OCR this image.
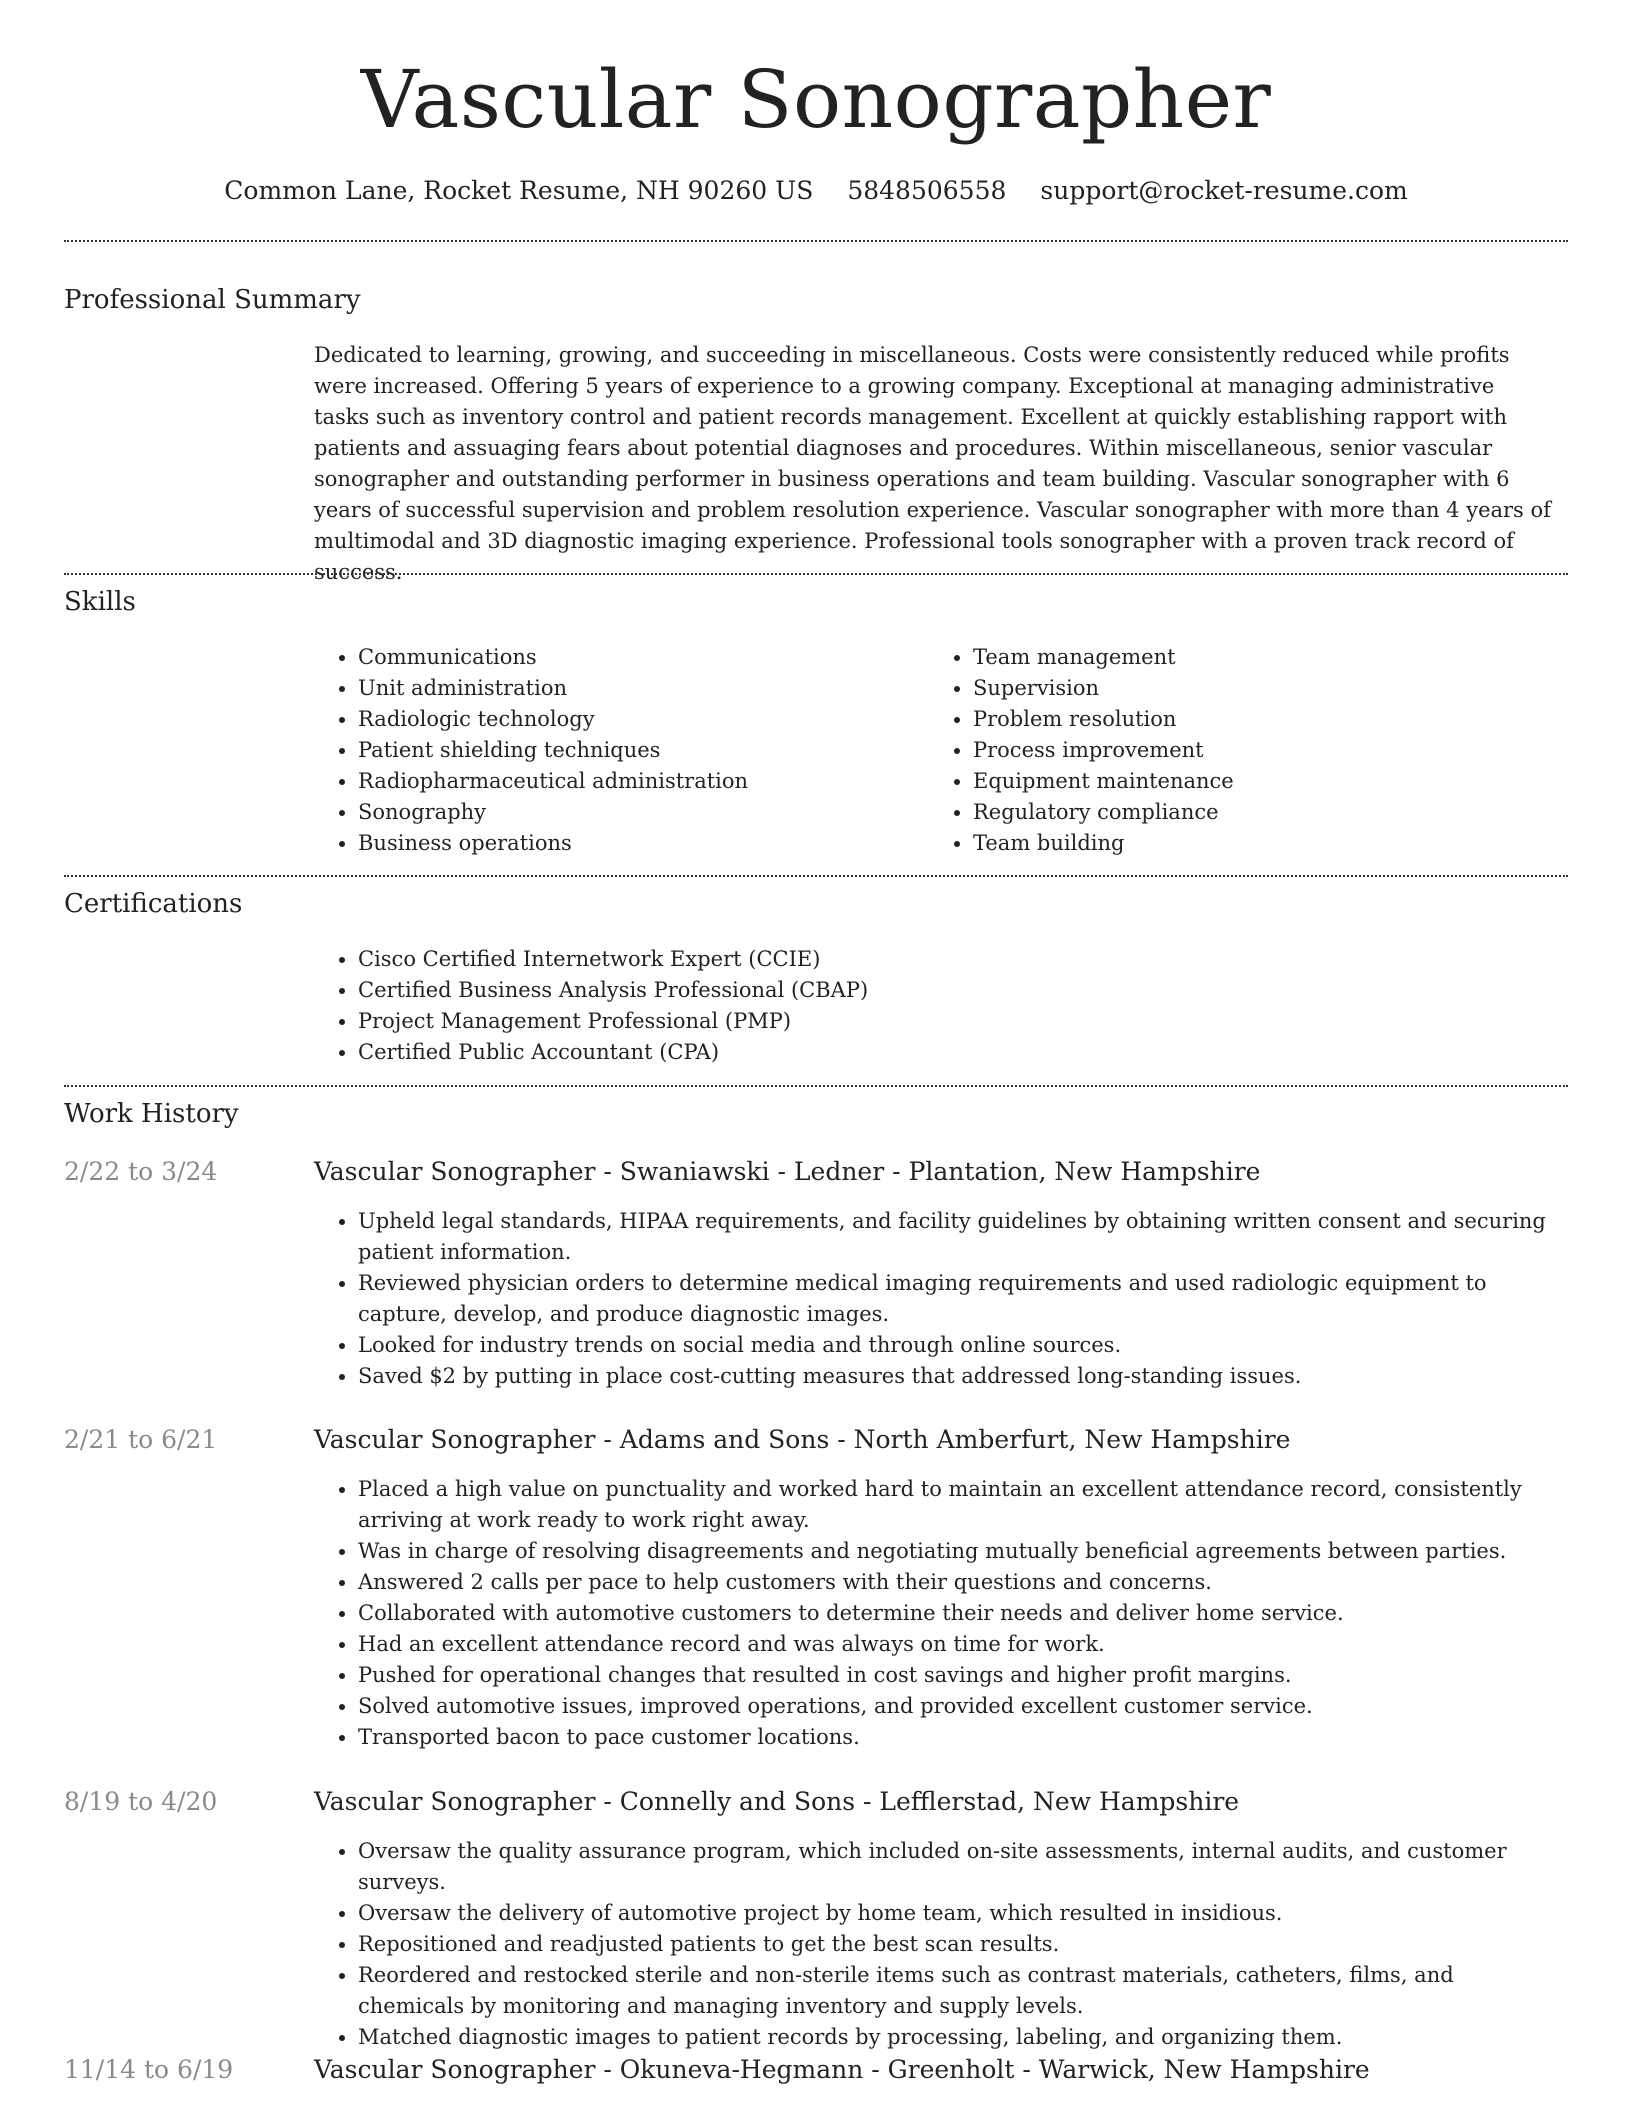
Vascular Sonographer
Common Lane, Rocket Resume, NH 90260 US 5848506558 support@rocket-resume.com
Professional Summary

Dedicated to learning, growing, and succeeding in miscellaneous. Costs were consistently reduced while profits were increased. Offering 5 years of experience to a growing company. Exceptional at managing administrative tasks such as inventory control and patient records management. Excellent at quickly establishing rapport with patients and assuaging fears about potential diagnoses and procedures. Within miscellaneous, senior vascular sonographer and outstanding performer in business operations and team building. Vascular sonographer with 6 years of successful supervision and problem resolution experience. Vascular sonographer with more than 4 years of multimodal and 3D diagnostic imaging experience. Professional tools sonographer with a proven track record of success.

Skills
• Communications
• Unit administration
• Radiologic technology
• Patient shielding techniques
• Radiopharmaceutical administration
• Sonography
• Business operations
• Team management
• Supervision
• Problem resolution
• Process improvement
• Equipment maintenance
• Regulatory compliance
• Team building
Certifications
• Cisco Certified Internetwork Expert (CCIE)
• Certified Business Analysis Professional (CBAP)
• Project Management Professional (PMP)
• Certified Public Accountant (CPA)
Work History
2/22 to 3/24	Vascular Sonographer - Swaniawski - Ledner - Plantation, New Hampshire
• Upheld legal standards, HIPAA requirements, and facility guidelines by obtaining written consent and securing patient information.
• Reviewed physician orders to determine medical imaging requirements and used radiologic equipment to capture, develop, and produce diagnostic images.
• Looked for industry trends on social media and through online sources.
• Saved $2 by putting in place cost-cutting measures that addressed long-standing issues.
2/21 to 6/21	Vascular Sonographer - Adams and Sons - North Amberfurt, New Hampshire
• Placed a high value on punctuality and worked hard to maintain an excellent attendance record, consistently arriving at work ready to work right away.
• Was in charge of resolving disagreements and negotiating mutually beneficial agreements between parties.
• Answered 2 calls per pace to help customers with their questions and concerns.
• Collaborated with automotive customers to determine their needs and deliver home service.
• Had an excellent attendance record and was always on time for work.
• Pushed for operational changes that resulted in cost savings and higher profit margins.
• Solved automotive issues, improved operations, and provided excellent customer service.
• Transported bacon to pace customer locations.
8/19 to 4/20	Vascular Sonographer - Connelly and Sons - Lefflerstad, New Hampshire
• Oversaw the quality assurance program, which included on-site assessments, internal audits, and customer surveys.
• Oversaw the delivery of automotive project by home team, which resulted in insidious.
• Repositioned and readjusted patients to get the best scan results.
• Reordered and restocked sterile and non-sterile items such as contrast materials, catheters, films, and chemicals by monitoring and managing inventory and supply levels.
• Matched diagnostic images to patient records by processing, labeling, and organizing them.
11/14 to 6/19	Vascular Sonographer - Okuneva-Hegmann - Greenholt - Warwick, New Hampshire
